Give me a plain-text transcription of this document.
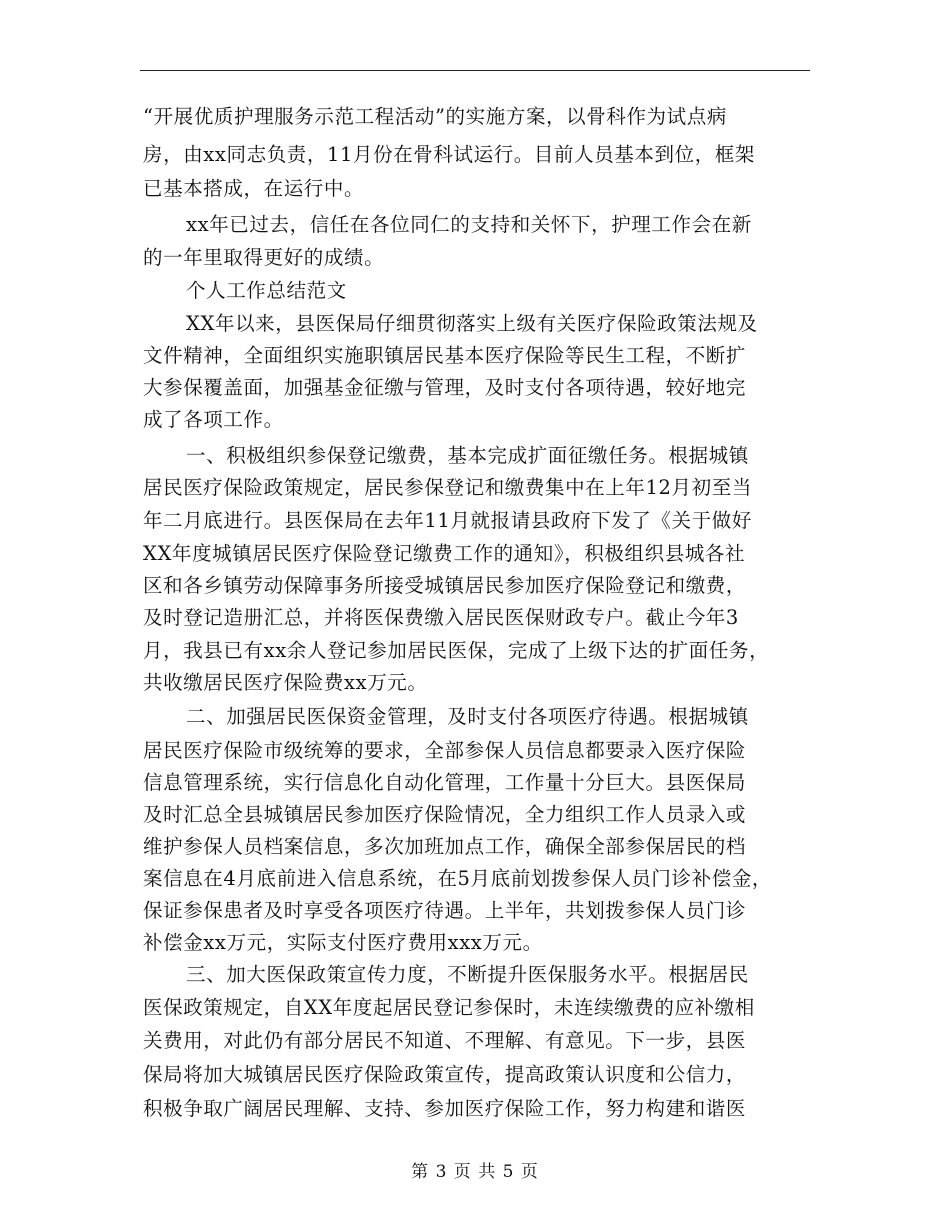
“开展优质护理服务示范工程活动”的实施方案，以骨科作为试点病
房，由xx同志负责，11月份在骨科试运行。目前人员基本到位，框架
已基本搭成，在运行中。
xx年已过去，信任在各位同仁的支持和关怀下，护理工作会在新
的一年里取得更好的成绩。
个人工作总结范文
XX年以来，县医保局仔细贯彻落实上级有关医疗保险政策法规及
文件精神，全面组织实施职镇居民基本医疗保险等民生工程，不断扩
大参保覆盖面，加强基金征缴与管理，及时支付各项待遇，较好地完
成了各项工作。
一、积极组织参保登记缴费，基本完成扩面征缴任务。根据城镇
居民医疗保险政策规定，居民参保登记和缴费集中在上年12月初至当
年二月底进行。县医保局在去年11月就报请县政府下发了《关于做好
XX年度城镇居民医疗保险登记缴费工作的通知》，积极组织县城各社
区和各乡镇劳动保障事务所接受城镇居民参加医疗保险登记和缴费，
及时登记造册汇总，并将医保费缴入居民医保财政专户。截止今年3
月，我县已有xx余人登记参加居民医保，完成了上级下达的扩面任务，
共收缴居民医疗保险费xx万元。
二、加强居民医保资金管理，及时支付各项医疗待遇。根据城镇
居民医疗保险市级统筹的要求，全部参保人员信息都要录入医疗保险
信息管理系统，实行信息化自动化管理，工作量十分巨大。县医保局
及时汇总全县城镇居民参加医疗保险情况，全力组织工作人员录入或
维护参保人员档案信息，多次加班加点工作，确保全部参保居民的档
案信息在4月底前进入信息系统，在5月底前划拨参保人员门诊补偿金，
保证参保患者及时享受各项医疗待遇。上半年，共划拨参保人员门诊
补偿金xx万元，实际支付医疗费用xxx万元。
三、加大医保政策宣传力度，不断提升医保服务水平。根据居民
医保政策规定，自XX年度起居民登记参保时，未连续缴费的应补缴相
关费用，对此仍有部分居民不知道、不理解、有意见。下一步，县医
保局将加大城镇居民医疗保险政策宣传，提高政策认识度和公信力，
积极争取广阔居民理解、支持、参加医疗保险工作，努力构建和谐医
第 3 页 共 5 页
